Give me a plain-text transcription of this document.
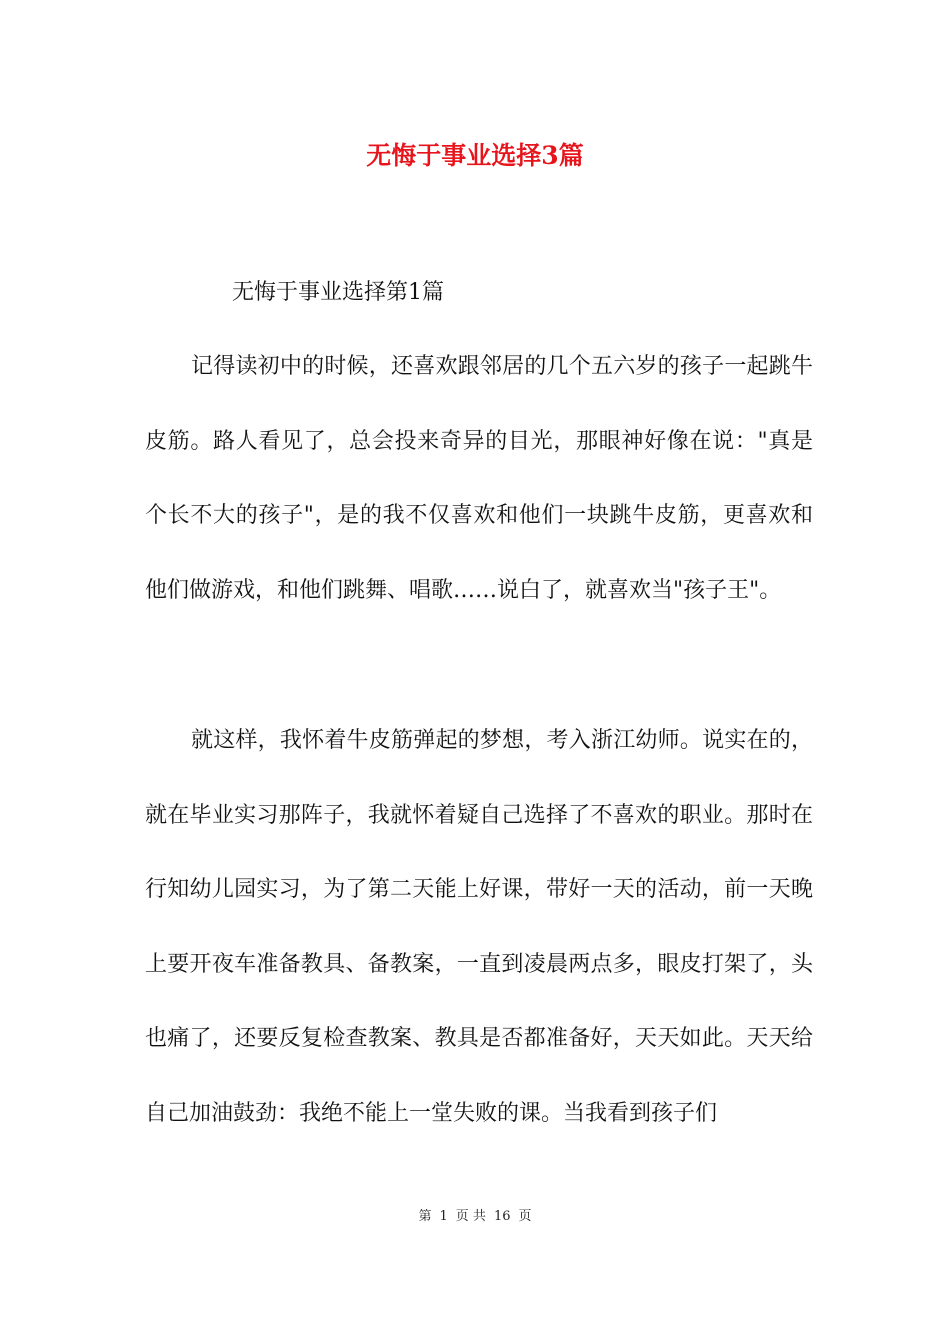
无悔于事业选择3篇
无悔于事业选择第1篇

记得读初中的时候，还喜欢跟邻居的几个五六岁的孩子一起跳牛皮筋。路人看见了，总会投来奇异的目光，那眼神好像在说："真是个长不大的孩子"，是的我不仅喜欢和他们一块跳牛皮筋，更喜欢和他们做游戏，和他们跳舞、唱歌……说白了，就喜欢当"孩子王"。

就这样，我怀着牛皮筋弹起的梦想，考入浙江幼师。说实在的，就在毕业实习那阵子，我就怀着疑自己选择了不喜欢的职业。那时在行知幼儿园实习，为了第二天能上好课，带好一天的活动，前一天晚上要开夜车准备教具、备教案，一直到凌晨两点多，眼皮打架了，头也痛了，还要反复检查教案、教具是否都准备好，天天如此。天天给自己加油鼓劲：我绝不能上一堂失败的课。当我看到孩子们

第 1 页 共 16 页
